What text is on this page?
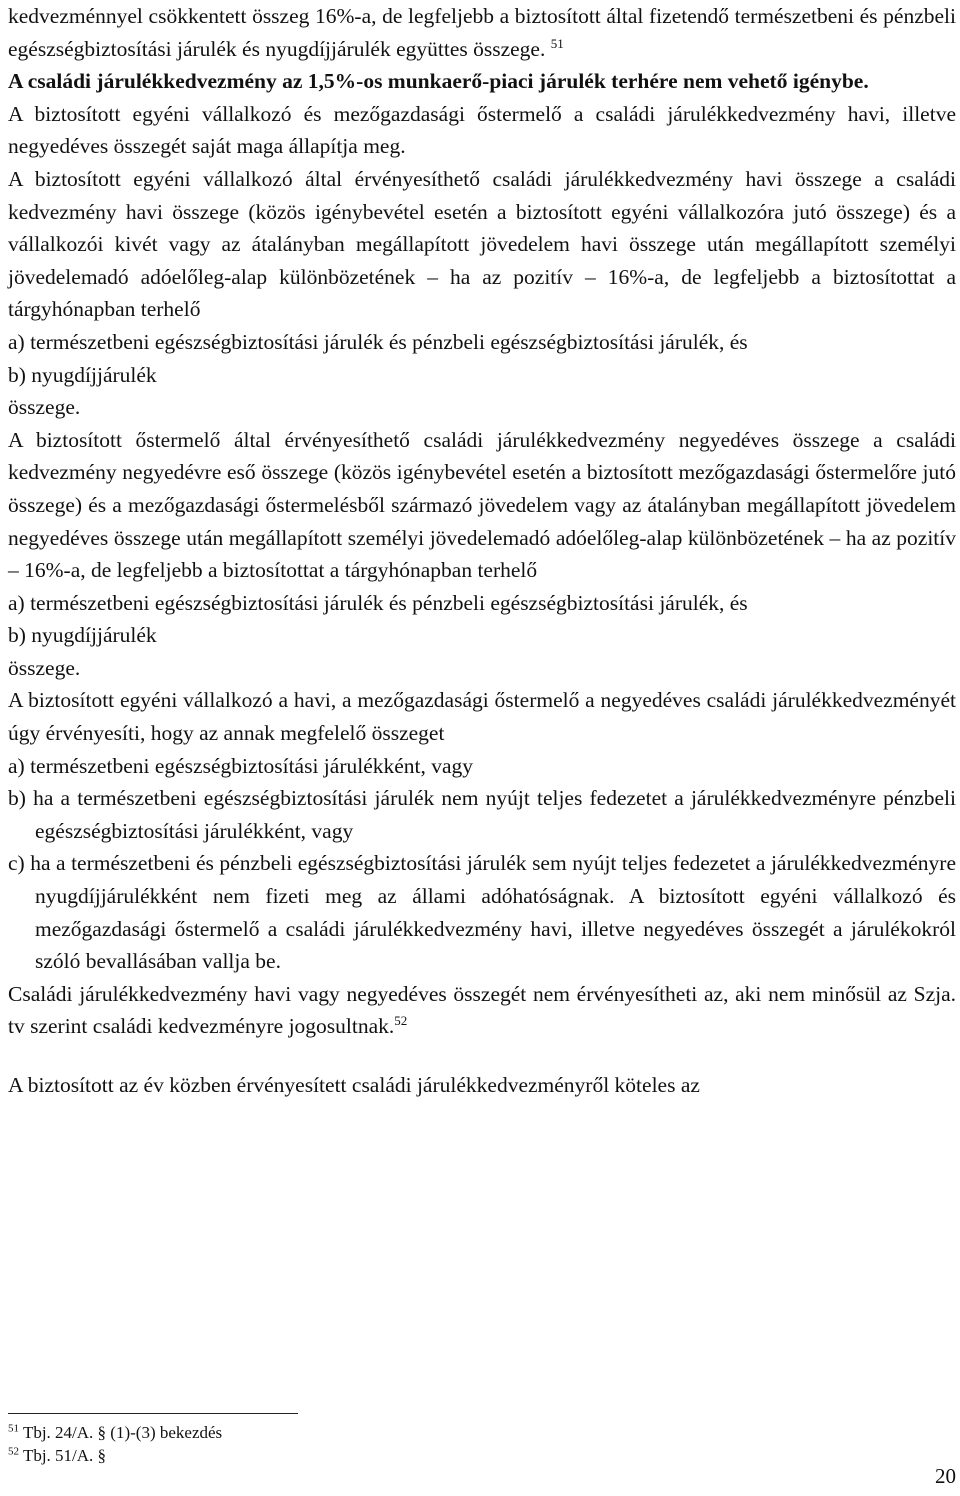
kedvezménnyel csökkentett összeg 16%-a, de legfeljebb a biztosított által fizetendő természetbeni és pénzbeli egészségbiztosítási járulék és nyugdíjjárulék együttes összege. $^{51}$

A családi járulékkedvezmény az 1,5%-os munkaerő-piaci járulék terhére nem vehető igénybe.

A biztosított egyéni vállalkozó és mezőgazdasági őstermelő a családi járulékkedvezmény havi, illetve negyedéves összegét saját maga állapítja meg.

A biztosított egyéni vállalkozó által érvényesíthető családi járulékkedvezmény havi összege a családi kedvezmény havi összege (közös igénybevétel esetén a biztosított egyéni vállalkozóra jutó összege) és a vállalkozói kivét vagy az átalányban megállapított jövedelem havi összege után megállapított személyi jövedelemadó adóelőleg-alap különbözetének – ha az pozitív – 16%-a, de legfeljebb a biztosítottat a tárgyhónapban terhelő

a) természetbeni egészségbiztosítási járulék és pénzbeli egészségbiztosítási járulék, és

b) nyugdíjjárulék

összege.

A biztosított őstermelő által érvényesíthető családi járulékkedvezmény negyedéves összege a családi kedvezmény negyedévre eső összege (közös igénybevétel esetén a biztosított mezőgazdasági őstermelőre jutó összege) és a mezőgazdasági őstermelésből származó jövedelem vagy az átalányban megállapított jövedelem negyedéves összege után megállapított személyi jövedelemadó adóelőleg-alap különbözetének – ha az pozitív – 16%-a, de legfeljebb a biztosítottat a tárgyhónapban terhelő

a) természetbeni egészségbiztosítási járulék és pénzbeli egészségbiztosítási járulék, és

b) nyugdíjjárulék

összege.

A biztosított egyéni vállalkozó a havi, a mezőgazdasági őstermelő a negyedéves családi járulékkedvezményét úgy érvényesíti, hogy az annak megfelelő összeget

a) természetbeni egészségbiztosítási járulékként, vagy

b) ha a természetbeni egészségbiztosítási járulék nem nyújt teljes fedezetet a járulékkedvezményre pénzbeli egészségbiztosítási járulékként, vagy

c) ha a természetbeni és pénzbeli egészségbiztosítási járulék sem nyújt teljes fedezetet a járulékkedvezményre nyugdíjjárulékként nem fizeti meg az állami adóhatóságnak. A biztosított egyéni vállalkozó és mezőgazdasági őstermelő a családi járulékkedvezmény havi, illetve negyedéves összegét a járulékokról szóló bevallásában vallja be.

Családi járulékkedvezmény havi vagy negyedéves összegét nem érvényesítheti az, aki nem minősül az Szja. tv szerint családi kedvezményre jogosultnak.$^{52}$

A biztosított az év közben érvényesített családi járulékkedvezményről köteles az

$^{51}$ Tbj. 24/A. § (1)-(3) bekezdés
$^{52}$ Tbj. 51/A. §
20
